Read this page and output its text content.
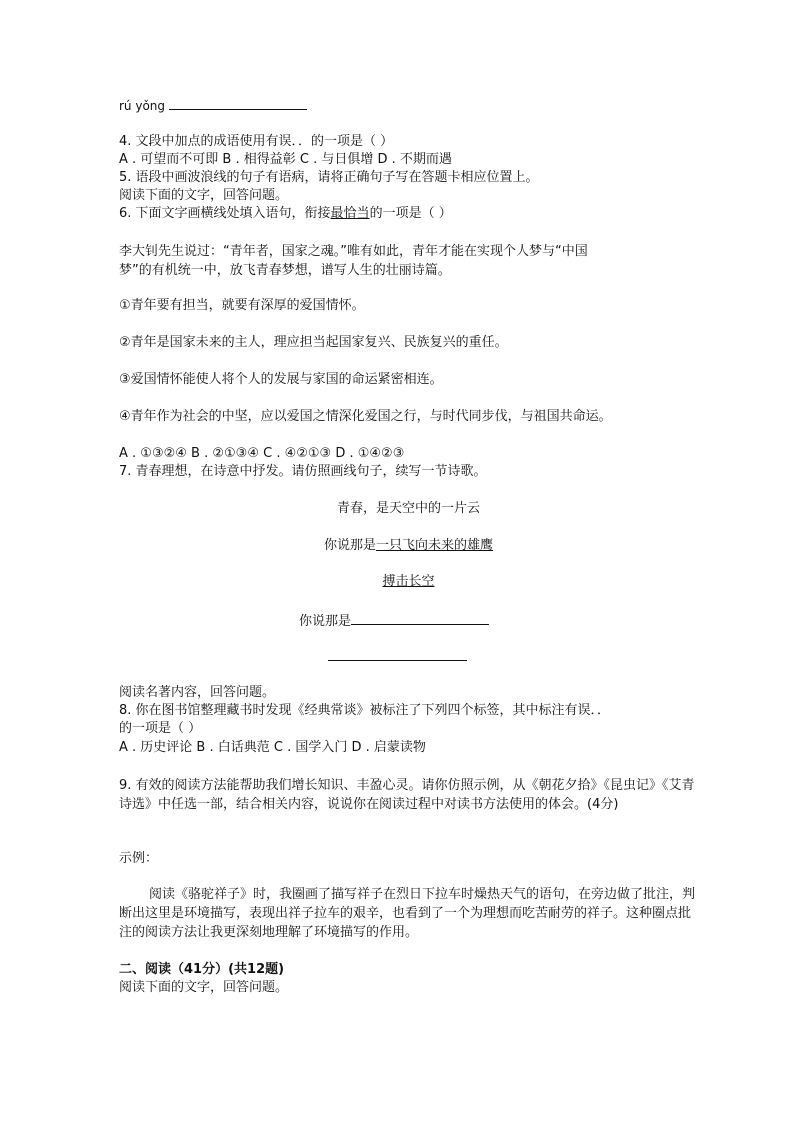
rú yǒng
4. 文段中加点的成语使用有误．．的一项是（ ）
A . 可望而不可即 B . 相得益彰 C . 与日俱增 D . 不期而遇
5. 语段中画波浪线的句子有语病，请将正确句子写在答题卡相应位置上。
阅读下面的文字，回答问题。
6. 下面文字画横线处填入语句，衔接最恰当的一项是（ ）
李大钊先生说过：“青年者，国家之魂。”唯有如此，青年才能在实现个人梦与“中国
梦”的有机统一中，放飞青春梦想，谱写人生的壮丽诗篇。
①青年要有担当，就要有深厚的爱国情怀。
②青年是国家未来的主人，理应担当起国家复兴、民族复兴的重任。
③爱国情怀能使人将个人的发展与家国的命运紧密相连。
④青年作为社会的中坚，应以爱国之情深化爱国之行，与时代同步伐，与祖国共命运。
A . ①③②④ B . ②①③④ C . ④②①③ D . ①④②③
7. 青春理想，在诗意中抒发。请仿照画线句子，续写一节诗歌。
青春，是天空中的一片云
你说那是一只飞向未来的雄鹰
搏击长空
你说那是
阅读名著内容，回答问题。
8. 你在图书馆整理藏书时发现《经典常谈》被标注了下列四个标签，其中标注有误．．
的一项是（ ）
A . 历史评论 B . 白话典范 C . 国学入门 D . 启蒙读物
9. 有效的阅读方法能帮助我们增长知识、丰盈心灵。请你仿照示例，从《朝花夕拾》《昆虫记》《艾青诗选》中任选一部，结合相关内容，说说你在阅读过程中对读书方法使用的体会。(4分)
示例：
阅读《骆驼祥子》时，我圈画了描写祥子在烈日下拉车时燥热天气的语句，在旁边做了批注，判断出这里是环境描写，表现出祥子拉车的艰辛，也看到了一个为理想而吃苦耐劳的祥子。这种圈点批注的阅读方法让我更深刻地理解了环境描写的作用。
二、阅读（41分）(共12题)
阅读下面的文字，回答问题。
